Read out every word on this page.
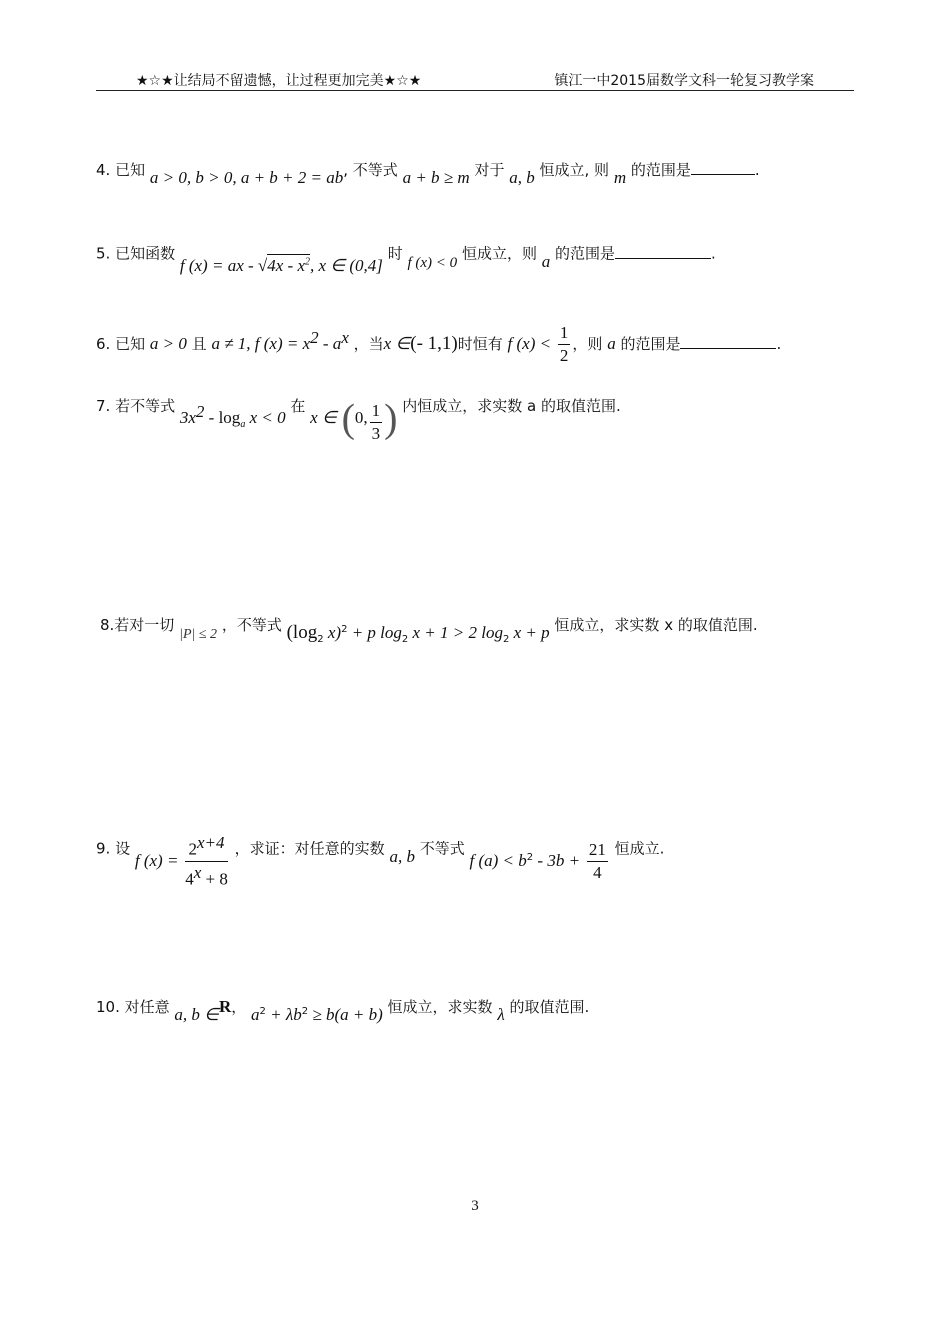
★☆★让结局不留遗憾，让过程更加完美★☆★	镇江一中2015届数学文科一轮复习教学案
4. 已知 a > 0, b > 0, a + b + 2 = ab, 不等式 a + b ≥ m 对于 a, b 恒成立, 则 m 的范围是	.
5. 已知函数 f (x) = ax - $√4x - x^2$, x ∈ (0,4] 时 f (x) < 0 恒成立，则 a 的范围是	.
6. 已知 a > 0 且 a ≠ 1, f $(x) = x^2 - a^x$ ，当x ∈(- 1,1)时恒有 f $(x) < \frac{1}{2}$ ，则 a 的范围是	.
7. 若不等式 $3x^2 - \log_a x < 0$ 在 x ∈ (0, $\frac{1}{3}$ ) 内恒成立，求实数 a 的取值范围.
8.若对一切 |P| ≤ 2 ，不等式 ($\log_2$ x)$^2$ + p $\log_2 x + 1 > 2$ $\log_2 x + p$ 恒成立，求实数 x 的取值范围.
9. 设 f $(x) = \frac{2^{x+4}}{4^x + 8}$ ，求证：对任意的实数 a, b 不等式 f $(a) < b^2 - 3b + \frac{21}{4}$ 恒成立.
10. 对任意 a, b ∈R， $a^2 + \lambda b^2 \ge b(a + b)$ 恒成立，求实数 λ 的取值范围.
3
